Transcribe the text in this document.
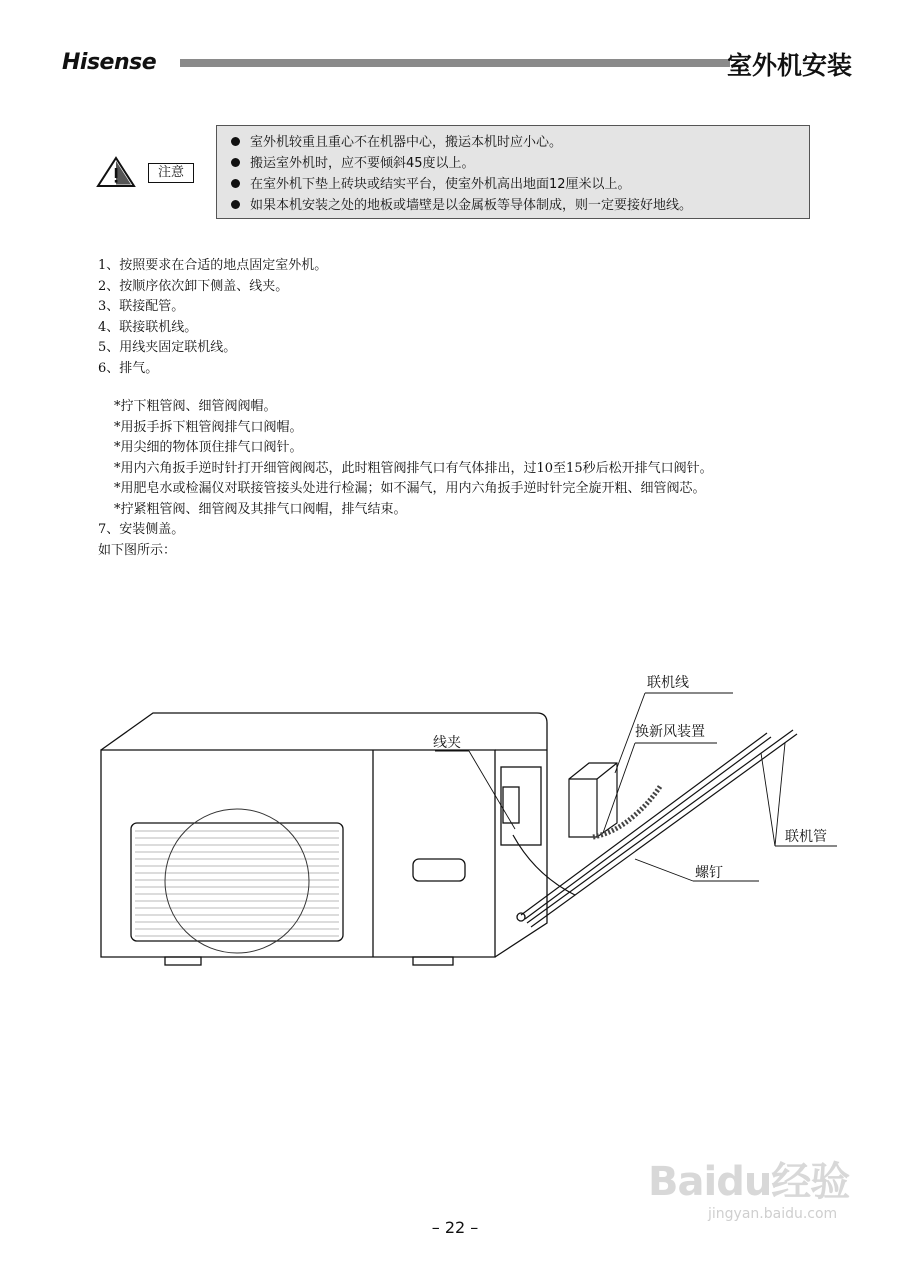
Hisense	室外机安装
注意
室外机较重且重心不在机器中心，搬运本机时应小心。
搬运室外机时，应不要倾斜45度以上。
在室外机下垫上砖块或结实平台，使室外机高出地面12厘米以上。
如果本机安装之处的地板或墙壁是以金属板等导体制成，则一定要接好地线。
1、按照要求在合适的地点固定室外机。
2、按顺序依次卸下侧盖、线夹。
3、联接配管。
4、联接联机线。
5、用线夹固定联机线。
6、排气。
*拧下粗管阀、细管阀阀帽。
*用扳手拆下粗管阀排气口阀帽。
*用尖细的物体顶住排气口阀针。
*用内六角扳手逆时针打开细管阀阀芯，此时粗管阀排气口有气体排出，过10至15秒后松开排气口阀针。
*用肥皂水或检漏仪对联接管接头处进行检漏；如不漏气，用内六角扳手逆时针完全旋开粗、细管阀芯。
*拧紧粗管阀、细管阀及其排气口阀帽，排气结束。
7、安装侧盖。
如下图所示：
联机线
线夹
换新风装置
联机管
螺钉
Baidu经验
jingyan.baidu.com
– 22 –
